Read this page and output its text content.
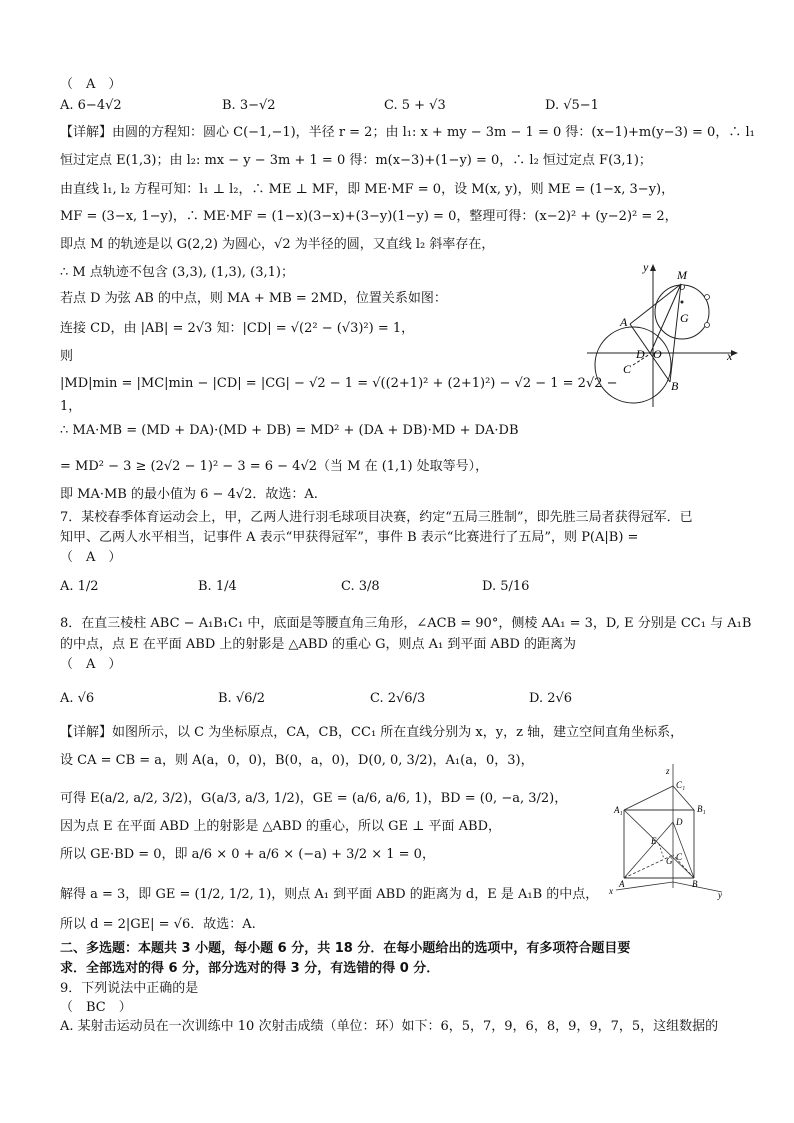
（　A　）
A. 6−4√2	B. 3−√2	C. 5 + √3	D. √5−1
【详解】由圆的方程知：圆心 C(−1,−1)，半径 r = 2；由 l₁: x + my − 3m − 1 = 0 得：(x−1)+m(y−3) = 0，∴ l₁
恒过定点 E(1,3)；由 l₂: mx − y − 3m + 1 = 0 得：m(x−3)+(1−y) = 0，∴ l₂ 恒过定点 F(3,1)；
由直线 l₁, l₂ 方程可知：l₁ ⊥ l₂，∴ ME ⊥ MF，即 ME·MF = 0，设 M(x, y)，则 ME = (1−x, 3−y)，
MF = (3−x, 1−y)，∴ ME·MF = (1−x)(3−x)+(3−y)(1−y) = 0，整理可得：(x−2)² + (y−2)² = 2，
即点 M 的轨迹是以 G(2,2) 为圆心，√2 为半径的圆，又直线 l₂ 斜率存在，
∴ M 点轨迹不包含 (3,3), (1,3), (3,1)；
若点 D 为弦 AB 的中点，则 MA + MB = 2MD，位置关系如图：
连接 CD，由 |AB| = 2√3 知：|CD| = √(2² − (√3)²) = 1，
则
|MD|min = |MC|min − |CD| = |CG| − √2 − 1 = √((2+1)² + (2+1)²) − √2 − 1 = 2√2 −
1，
∴ MA·MB = (MD + DA)·(MD + DB) = MD² + (DA + DB)·MD + DA·DB
= MD² − 3 ≥ (2√2 − 1)² − 3 = 6 − 4√2（当 M 在 (1,1) 处取等号），
即 MA·MB 的最小值为 6 − 4√2．故选：A.
y
x
M
G
A
D O
C
B
7．某校春季体育运动会上，甲，乙两人进行羽毛球项目决赛，约定“五局三胜制”，即先胜三局者获得冠军．已
知甲、乙两人水平相当，记事件 A 表示“甲获得冠军”，事件 B 表示“比赛进行了五局”，则 P(A|B) =
（　A　）
A. 1/2	B. 1/4	C. 3/8	D. 5/16
8．在直三棱柱 ABC − A₁B₁C₁ 中，底面是等腰直角三角形，∠ACB = 90°，侧棱 AA₁ = 3，D, E 分别是 CC₁ 与 A₁B
的中点，点 E 在平面 ABD 上的射影是 △ABD 的重心 G，则点 A₁ 到平面 ABD 的距离为
（　A　）
A. √6	B. √6/2	C. 2√6/3	D. 2√6
【详解】如图所示，以 C 为坐标原点，CA，CB，CC₁ 所在直线分别为 x，y，z 轴，建立空间直角坐标系，
设 CA = CB = a，则 A(a，0，0)，B(0，a，0)，D(0, 0, 3/2)，A₁(a，0，3)，
可得 E(a/2, a/2, 3/2)，G(a/3, a/3, 1/2)，GE = (a/6, a/6, 1)，BD = (0, −a, 3/2)，
因为点 E 在平面 ABD 上的射影是 △ABD 的重心，所以 GE ⊥ 平面 ABD，
所以 GE·BD = 0，即 a/6 × 0 + a/6 × (−a) + 3/2 × 1 = 0，
解得 a = 3，即 GE = (1/2, 1/2, 1)，则点 A₁ 到平面 ABD 的距离为 d，E 是 A₁B 的中点，
所以 d = 2|GE| = √6．故选：A.
z
C₁
A₁	B₁
D
E
G C
A	B
x	y
二、多选题：本题共 3 小题，每小题 6 分，共 18 分．在每小题给出的选项中，有多项符合题目要
求．全部选对的得 6 分，部分选对的得 3 分，有选错的得 0 分．
9．下列说法中正确的是
（　BC　）
A. 某射击运动员在一次训练中 10 次射击成绩（单位：环）如下：6，5，7，9，6，8，9，9，7，5，这组数据的
